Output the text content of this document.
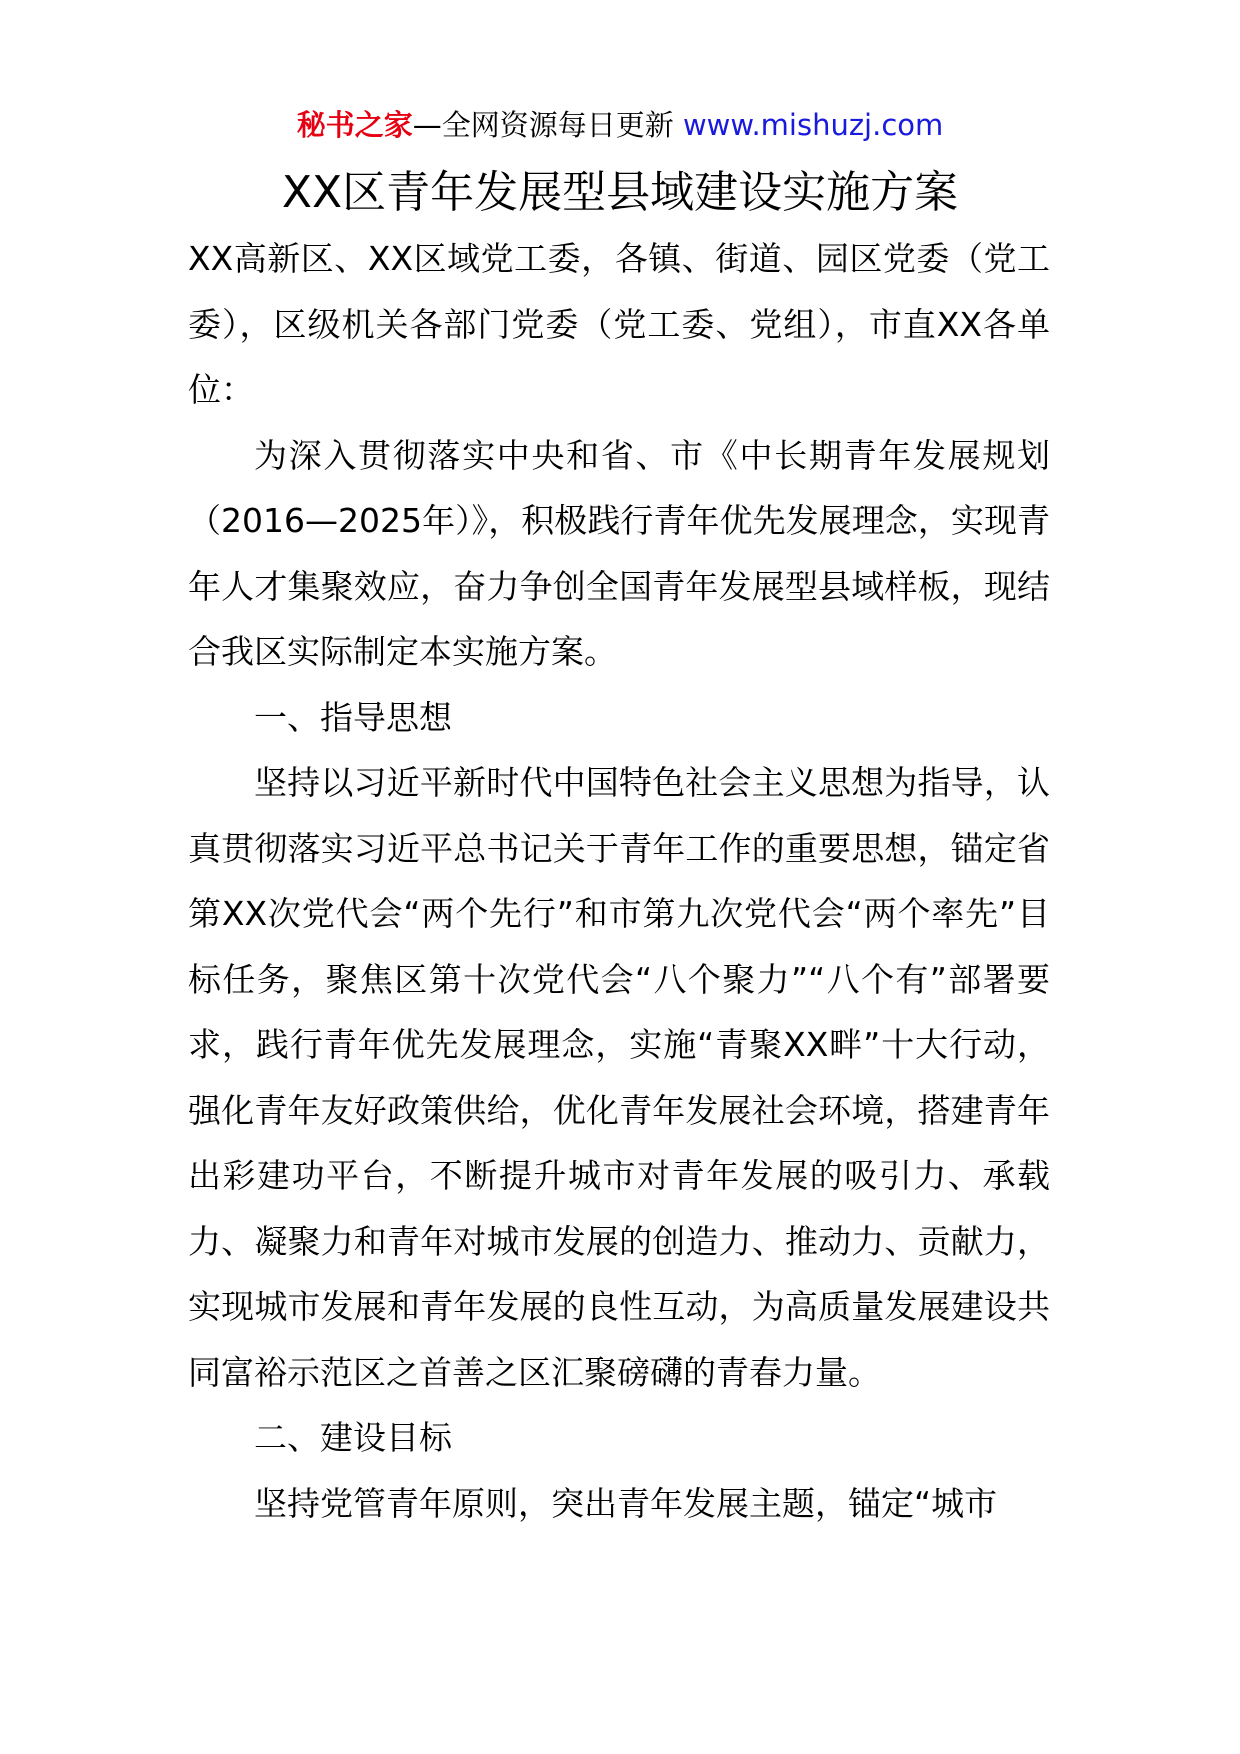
秘书之家—全网资源每日更新 www.mishuzj.com
XX区青年发展型县域建设实施方案

XX高新区、XX区域党工委，各镇、街道、园区党委（党工委），区级机关各部门党委（党工委、党组），市直XX各单位：

为深入贯彻落实中央和省、市《中长期青年发展规划（2016—2025年）》，积极践行青年优先发展理念，实现青年人才集聚效应，奋力争创全国青年发展型县域样板，现结合我区实际制定本实施方案。

一、指导思想

坚持以习近平新时代中国特色社会主义思想为指导，认真贯彻落实习近平总书记关于青年工作的重要思想，锚定省第XX次党代会“两个先行”和市第九次党代会“两个率先”目标任务，聚焦区第十次党代会“八个聚力”“八个有”部署要求，践行青年优先发展理念，实施“青聚XX畔”十大行动，强化青年友好政策供给，优化青年发展社会环境，搭建青年出彩建功平台，不断提升城市对青年发展的吸引力、承载力、凝聚力和青年对城市发展的创造力、推动力、贡献力，实现城市发展和青年发展的良性互动，为高质量发展建设共同富裕示范区之首善之区汇聚磅礴的青春力量。

二、建设目标

坚持党管青年原则，突出青年发展主题，锚定“城市
